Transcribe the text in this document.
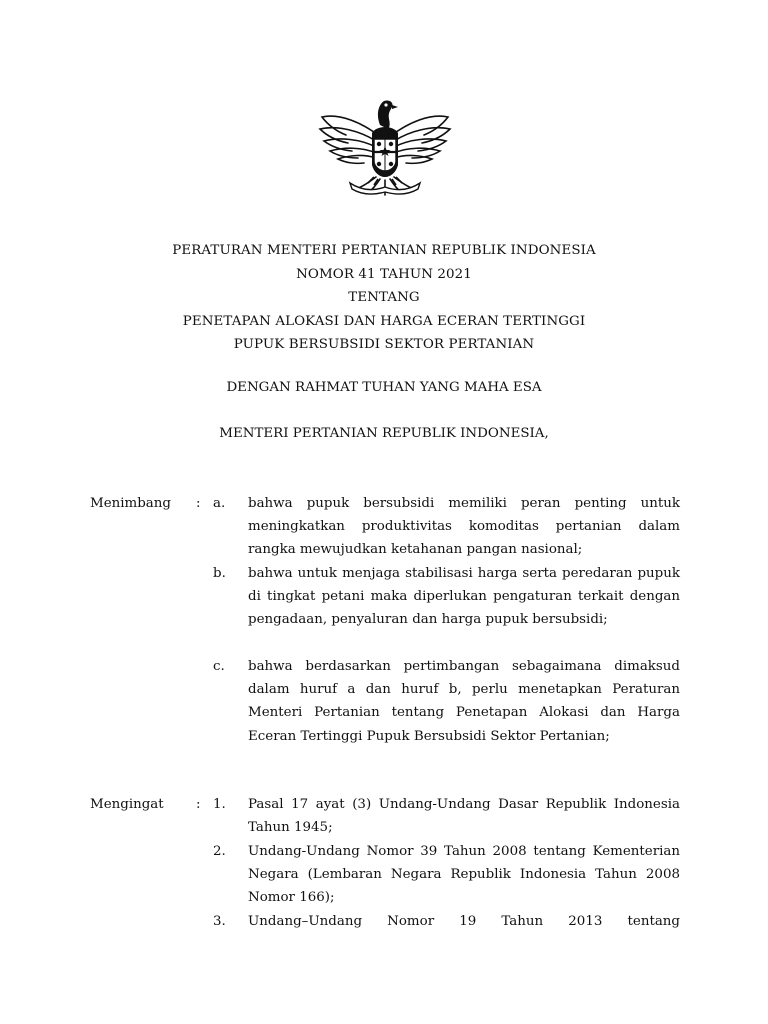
PERATURAN MENTERI PERTANIAN REPUBLIK INDONESIA
NOMOR 41 TAHUN 2021
TENTANG
PENETAPAN ALOKASI DAN HARGA ECERAN TERTINGGI
PUPUK BERSUBSIDI SEKTOR PERTANIAN
DENGAN RAHMAT TUHAN YANG MAHA ESA
MENTERI PERTANIAN REPUBLIK INDONESIA,
Menimbang : a. bahwa pupuk bersubsidi memiliki peran penting untuk meningkatkan produktivitas komoditas pertanian dalam rangka mewujudkan ketahanan pangan nasional;
b. bahwa untuk menjaga stabilisasi harga serta peredaran pupuk di tingkat petani maka diperlukan pengaturan terkait dengan pengadaan, penyaluran dan harga pupuk bersubsidi;
c. bahwa berdasarkan pertimbangan sebagaimana dimaksud dalam huruf a dan huruf b, perlu menetapkan Peraturan Menteri Pertanian tentang Penetapan Alokasi dan Harga Eceran Tertinggi Pupuk Bersubsidi Sektor Pertanian;
Mengingat : 1. Pasal 17 ayat (3) Undang-Undang Dasar Republik Indonesia Tahun 1945;
2. Undang-Undang Nomor 39 Tahun 2008 tentang Kementerian Negara (Lembaran Negara Republik Indonesia Tahun 2008 Nomor 166);
3. Undang–Undang Nomor 19 Tahun 2013 tentang
